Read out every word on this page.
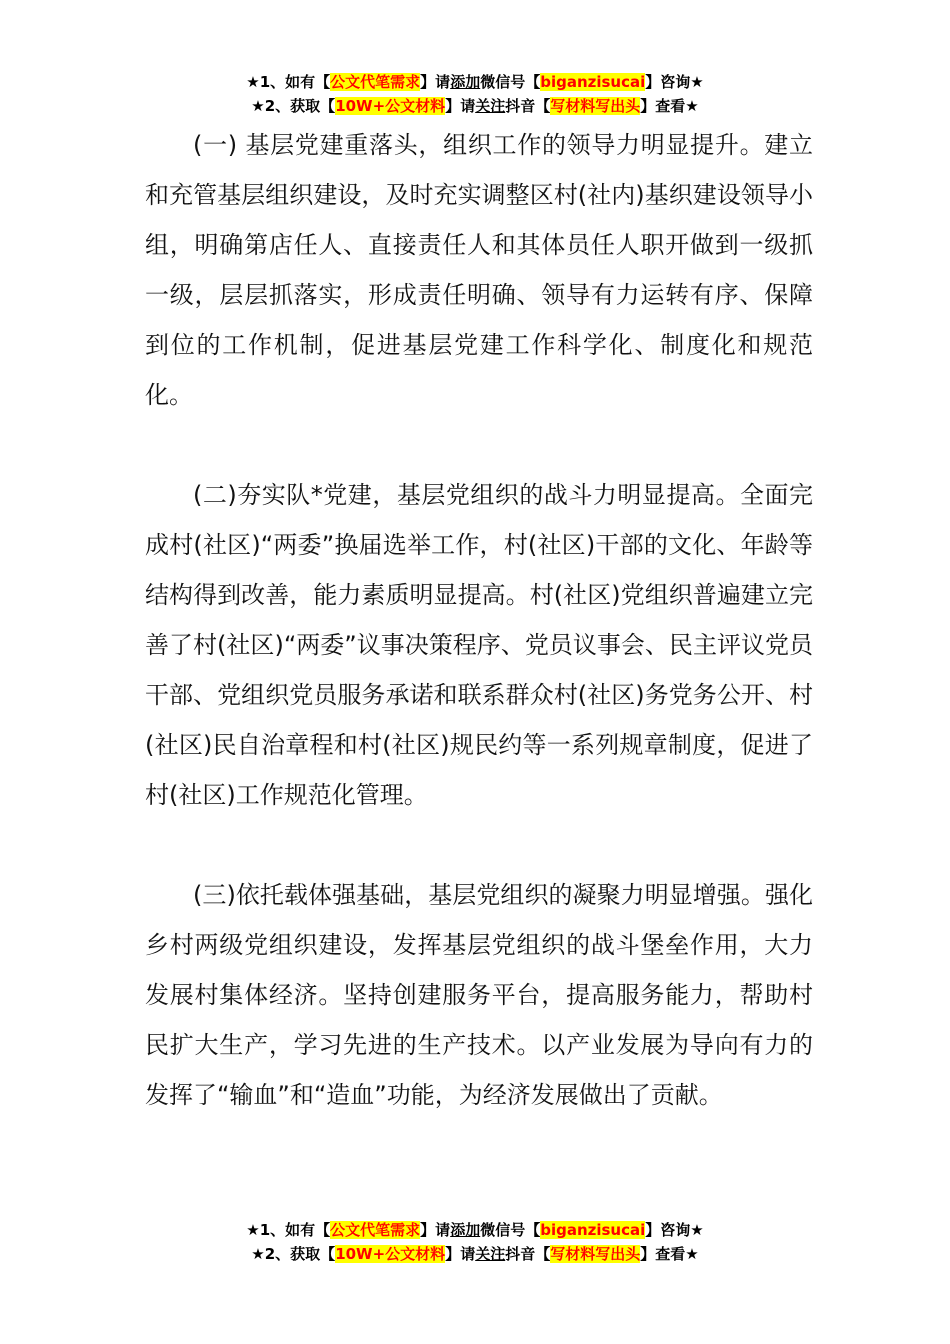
★1、如有【公文代笔需求】请添加微信号【biganzisucai】咨询★
★2、获取【10W+公文材料】请关注抖音【写材料写出头】查看★

(一) 基层党建重落头，组织工作的领导力明显提升。建立和充管基层组织建设，及时充实调整区村(社内)基织建设领导小组，明确第店任人、直接责任人和其体员任人职开做到一级抓一级，层层抓落实，形成责任明确、领导有力运转有序、保障到位的工作机制，促进基层党建工作科学化、制度化和规范化。

(二)夯实队*党建，基层党组织的战斗力明显提高。全面完成村(社区)“两委”换届选举工作，村(社区)干部的文化、年龄等结构得到改善，能力素质明显提高。村(社区)党组织普遍建立完善了村(社区)“两委”议事决策程序、党员议事会、民主评议党员干部、党组织党员服务承诺和联系群众村(社区)务党务公开、村(社区)民自治章程和村(社区)规民约等一系列规章制度，促进了村(社区)工作规范化管理。

(三)依托载体强基础，基层党组织的凝聚力明显增强。强化乡村两级党组织建设，发挥基层党组织的战斗堡垒作用，大力发展村集体经济。坚持创建服务平台，提高服务能力，帮助村民扩大生产，学习先进的生产技术。以产业发展为导向有力的发挥了“输血”和“造血”功能，为经济发展做出了贡献。

★1、如有【公文代笔需求】请添加微信号【biganzisucai】咨询★
★2、获取【10W+公文材料】请关注抖音【写材料写出头】查看★
